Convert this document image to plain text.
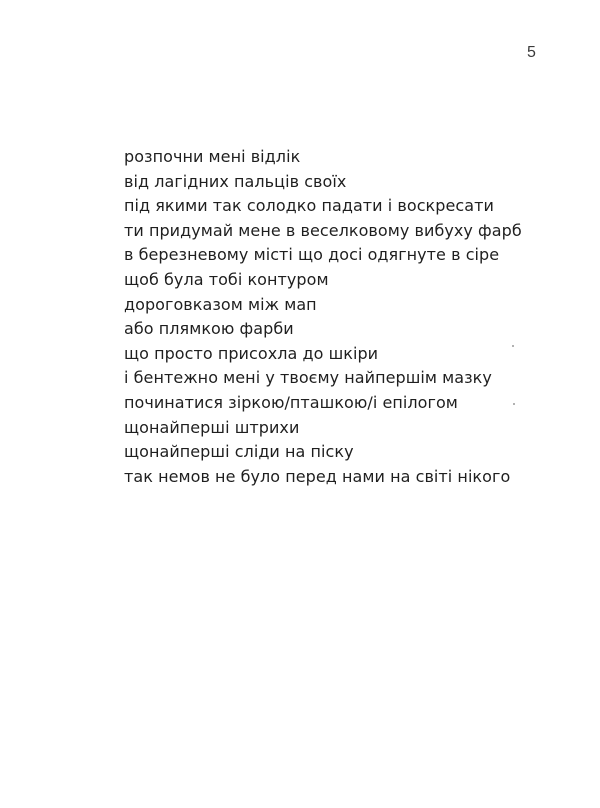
5
розпочни мені відлік
від лагідних пальців своїх
під якими так солодко падати і воскресати
ти придумай мене в веселковому вибуху фарб
в березневому місті що досі одягнуте в сіре
щоб була тобі контуром
дороговказом між мап
або плямкою фарби
що просто присохла до шкіри
і бентежно мені у твоєму найпершім мазку
починатися зіркою/пташкою/і епілогом
щонайперші штрихи
щонайперші сліди на піску
так немов не було перед нами на світі нікого
